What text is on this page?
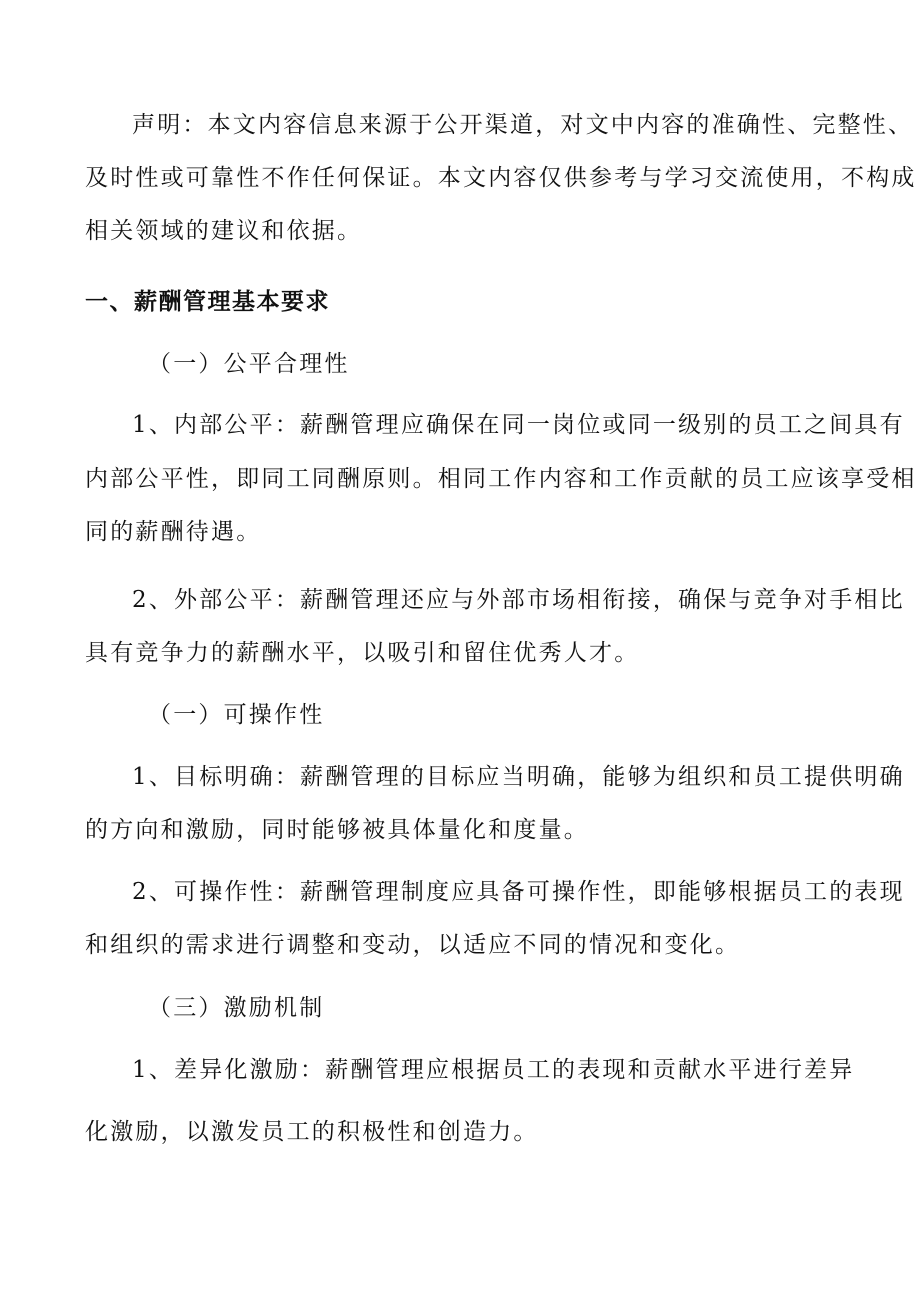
声明：本文内容信息来源于公开渠道，对文中内容的准确性、完整性、
及时性或可靠性不作任何保证。本文内容仅供参考与学习交流使用，不构成
相关领域的建议和依据。
一、薪酬管理基本要求
（一）公平合理性
1、内部公平：薪酬管理应确保在同一岗位或同一级别的员工之间具有
内部公平性，即同工同酬原则。相同工作内容和工作贡献的员工应该享受相
同的薪酬待遇。
2、外部公平：薪酬管理还应与外部市场相衔接，确保与竞争对手相比
具有竞争力的薪酬水平，以吸引和留住优秀人才。
（一）可操作性
1、目标明确：薪酬管理的目标应当明确，能够为组织和员工提供明确
的方向和激励，同时能够被具体量化和度量。
2、可操作性：薪酬管理制度应具备可操作性，即能够根据员工的表现
和组织的需求进行调整和变动，以适应不同的情况和变化。
（三）激励机制
1、差异化激励：薪酬管理应根据员工的表现和贡献水平进行差异
化激励，以激发员工的积极性和创造力。
